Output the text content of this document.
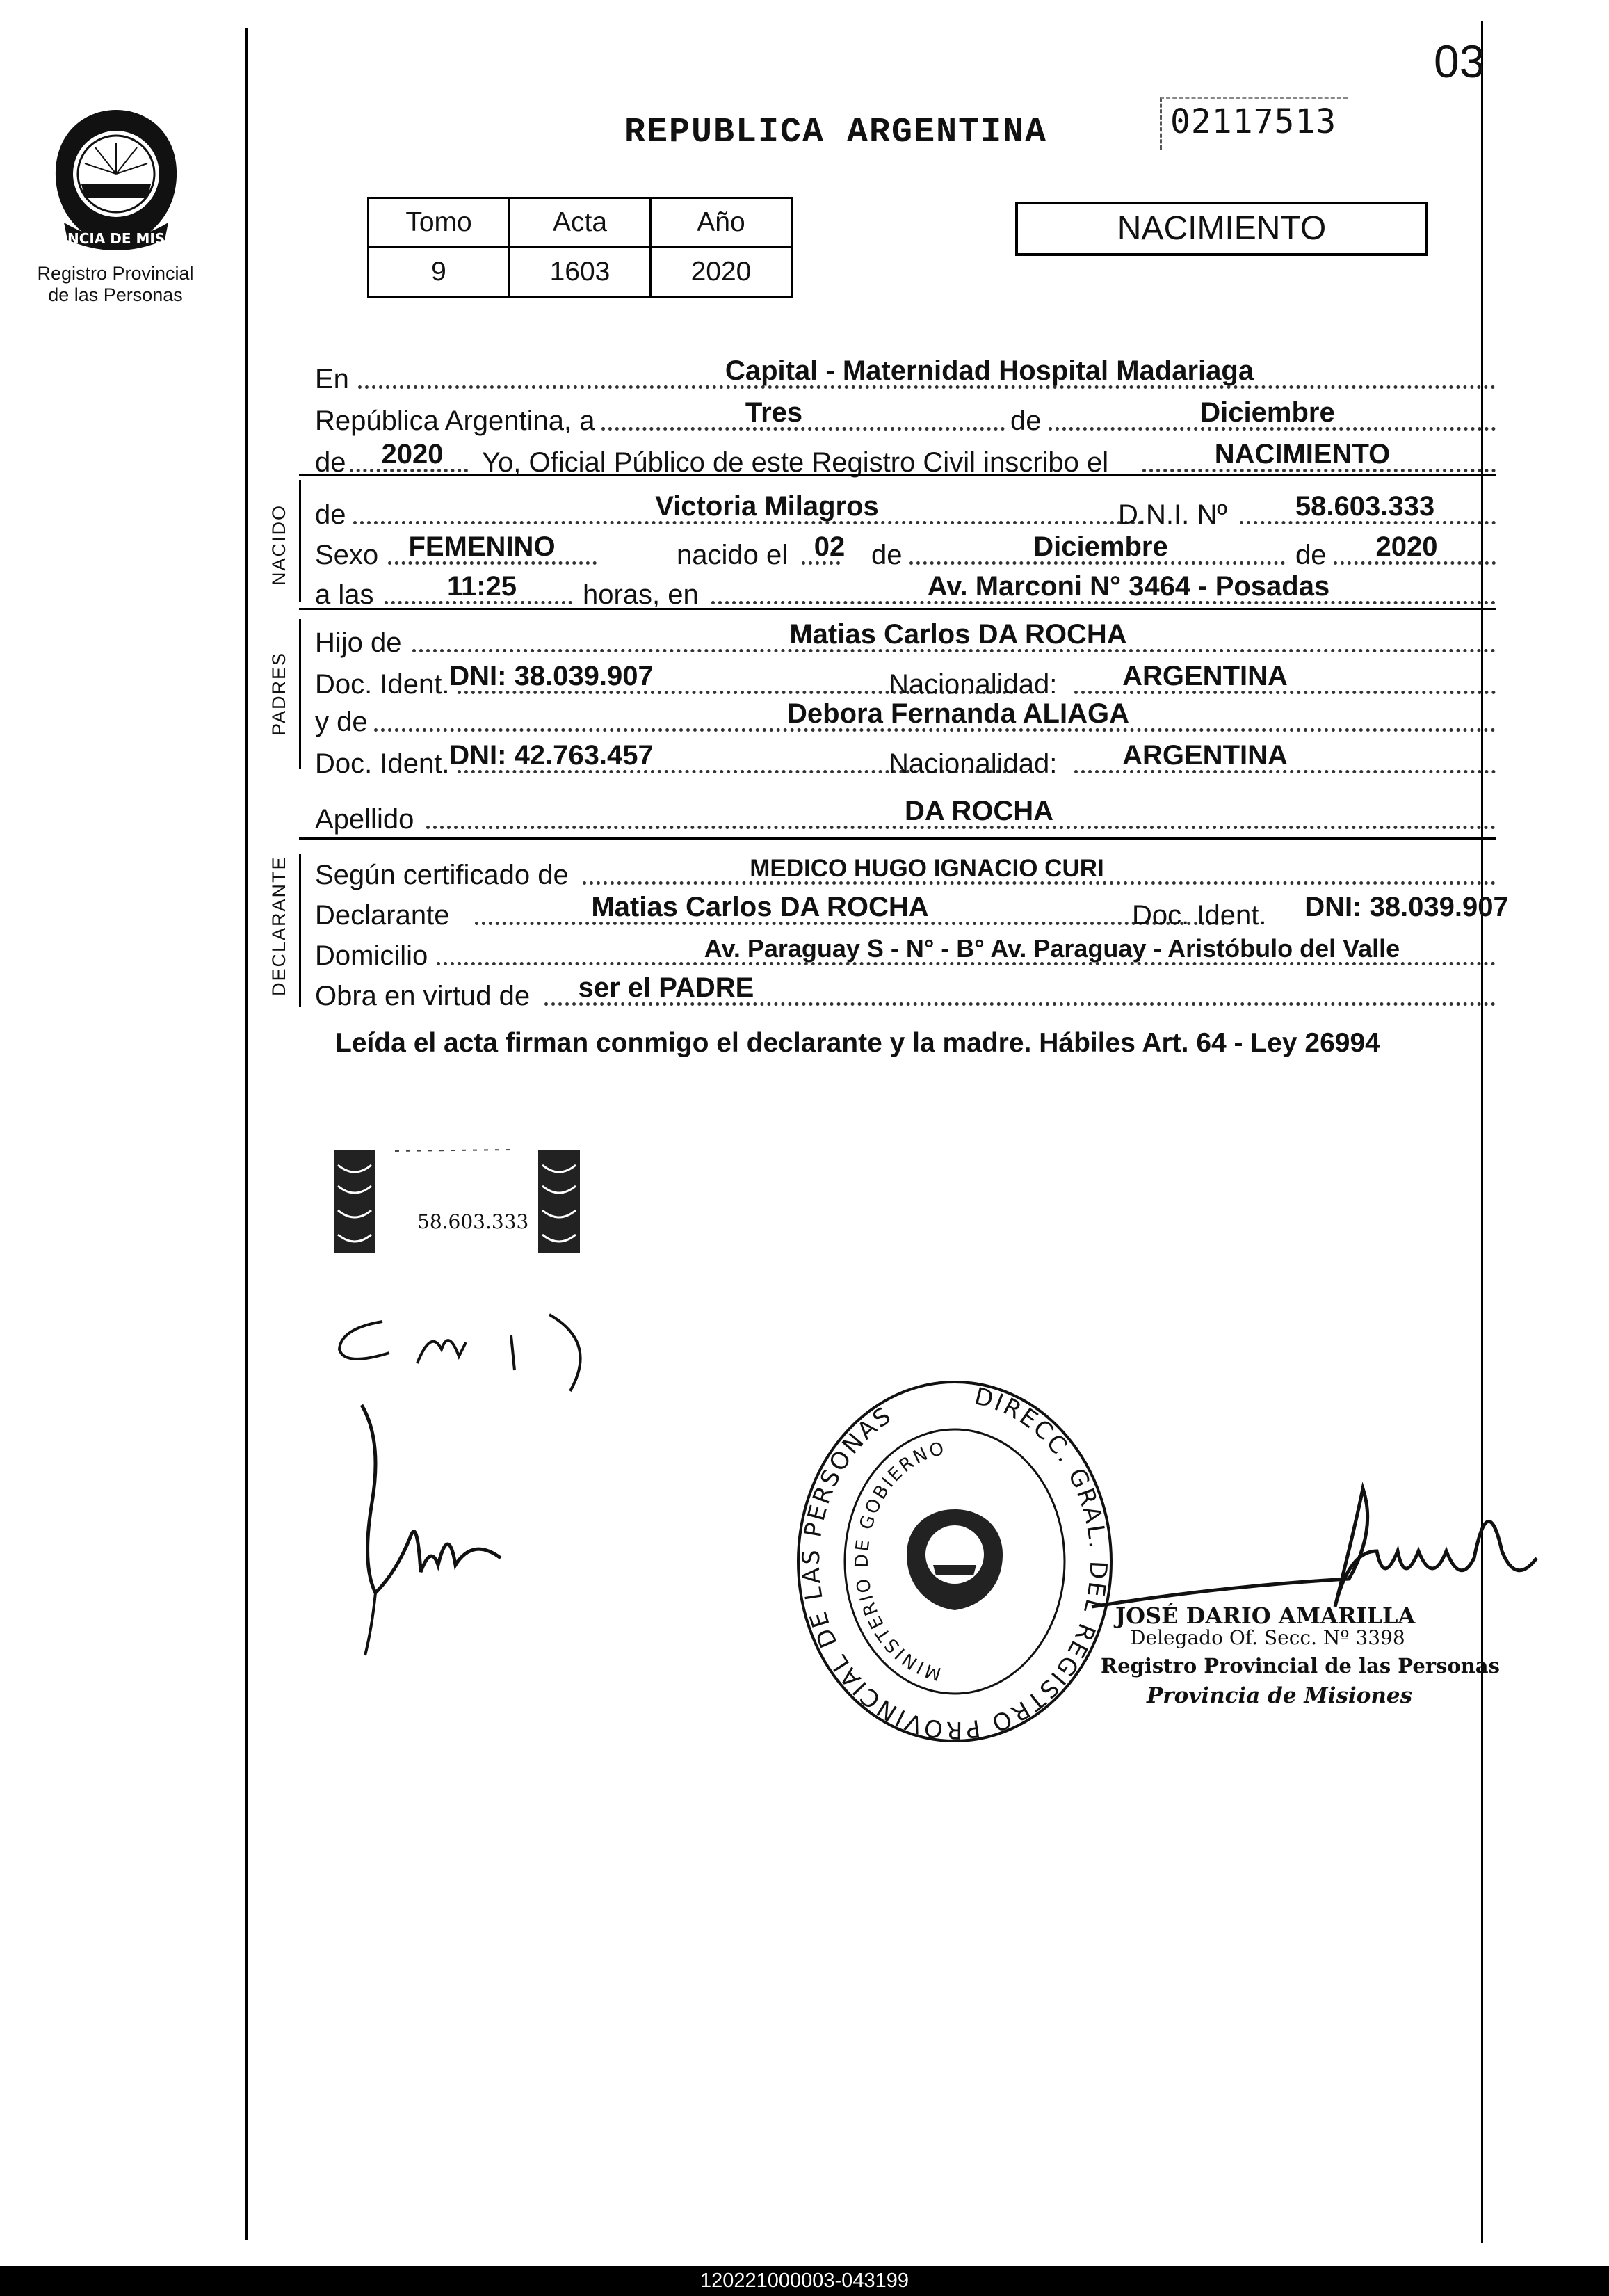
03
02117513
REPUBLICA ARGENTINA
PROVINCIA DE MISIONES
Registro Provincial
de las Personas
Tomo	Acta	Año
9	1603	2020
NACIMIENTO
En	Capital - Maternidad Hospital Madariaga
República Argentina, a	Tres	de	Diciembre
de 2020 Yo, Oficial Público de este Registro Civil inscribo el	NACIMIENTO
NACIDO de	Victoria Milagros	D.N.I. Nº 58.603.333
Sexo FEMENINO	nacido el 02 de	Diciembre	de 2020
a las	11:25 horas, en	Av. Marconi N° 3464 - Posadas
PADRES
Hijo de	Matias Carlos DA ROCHA
Doc. Ident. DNI: 38.039.907	Nacionalidad: ARGENTINA
y de	Debora Fernanda ALIAGA
Doc. Ident. DNI: 42.763.457	Nacionalidad: ARGENTINA
Apellido	DA ROCHA
DECLARANTE Según certificado de	MEDICO HUGO IGNACIO CURI
Declarante	Matias Carlos DA ROCHA	Doc. Ident. DNI: 38.039.907
Domicilio	Av. Paraguay S - N° - B° Av. Paraguay - Aristóbulo del Valle
Obra en virtud de ser el PADRE
Leída el acta firman conmigo el declarante y la madre. Hábiles Art. 64 - Ley 26994
58.603.333
DIRECC. GRAL. DEL REGISTRO PROVINCIAL DE LAS PERSONAS
MINISTERIO DE GOBIERNO
JOSÉ DARIO AMARILLA
Delegado Of. Secc. Nº 3398
Registro Provincial de las Personas
Provincia de Misiones
120221000003-043199
